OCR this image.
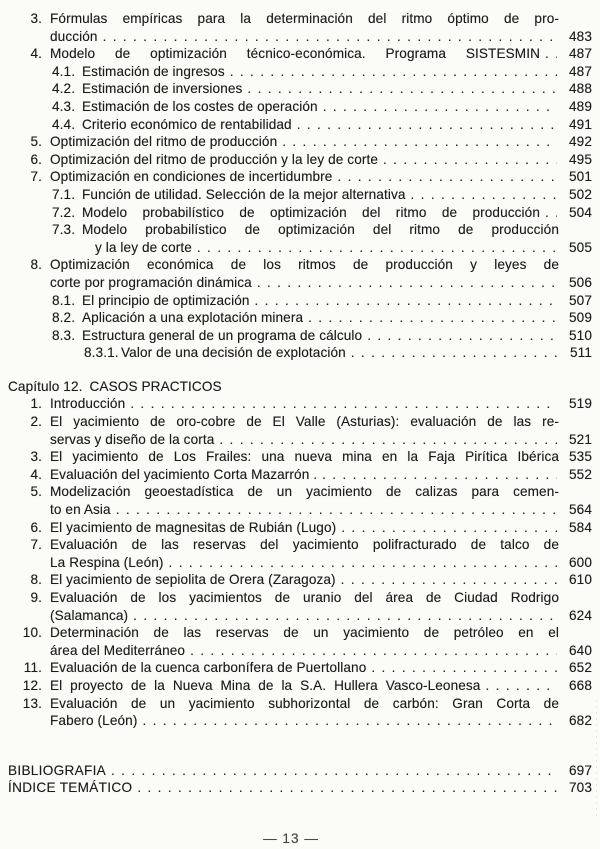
3. Fórmulas empíricas para la determinación del ritmo óptimo de pro-
ducción . . .	483
4. Modelo de optimización técnico-económica. Programa SISTESMIN . . . 487
4.1. Estimación de ingresos . . .	487
4.2. Estimación de inversiones . . .	488
4.3. Estimación de los costes de operación . . .	489
4.4. Criterio económico de rentabilidad . . .	491
5. Optimización del ritmo de producción . . .	492
6. Optimización del ritmo de producción y la ley de corte . . .	495
7. Optimización en condiciones de incertidumbre . . .	501
7.1. Función de utilidad. Selección de la mejor alternativa . . .	502
7.2. Modelo probabilístico de optimización del ritmo de producción . . . 504
7.3. Modelo probabilístico de optimización del ritmo de producción
y la ley de corte . . .	505
8. Optimización económica de los ritmos de producción y leyes de
corte por programación dinámica . . .	506
8.1. El principio de optimización . . .	507
8.2. Aplicación a una explotación minera . . .	509
8.3. Estructura general de un programa de cálculo . . .	510
8.3.1. Valor de una decisión de explotación . . .	511
Capítulo 12. CASOS PRACTICOS
1. Introducción . . .	519
2. El yacimiento de oro-cobre de El Valle (Asturias): evaluación de las re-
servas y diseño de la corta . . .	521
3. El yacimiento de Los Frailes: una nueva mina en la Faja Pirítica Ibérica 535
4. Evaluación del yacimiento Corta Mazarrón . . . .	552
5. Modelización geoestadística de un yacimiento de calizas para cemen-
to en Asia . . .	564
6. El yacimiento de magnesitas de Rubián (Lugo) . . .	584
7. Evaluación de las reservas del yacimiento polifracturado de talco de
La Respina (León) . . .	600
8. El yacimiento de sepiolita de Orera (Zaragoza) . . .	610
9. Evaluación de los yacimientos de uranio del área de Ciudad Rodrigo
(Salamanca) . . .	624
10. Determinación de las reservas de un yacimiento de petróleo en el
área del Mediterráneo . . .	640
11. Evaluación de la cuenca carbonífera de Puertollano . . .	652
12. El proyecto de la Nueva Mina de la S.A. Hullera Vasco-Leonesa . . .	668
13. Evaluación de un yacimiento subhorizontal de carbón: Gran Corta de
Fabero (León) . . .	682
BIBLIOGRAFIA . . .	697
ÍNDICE TEMÁTICO . . .	703
— 13 —
